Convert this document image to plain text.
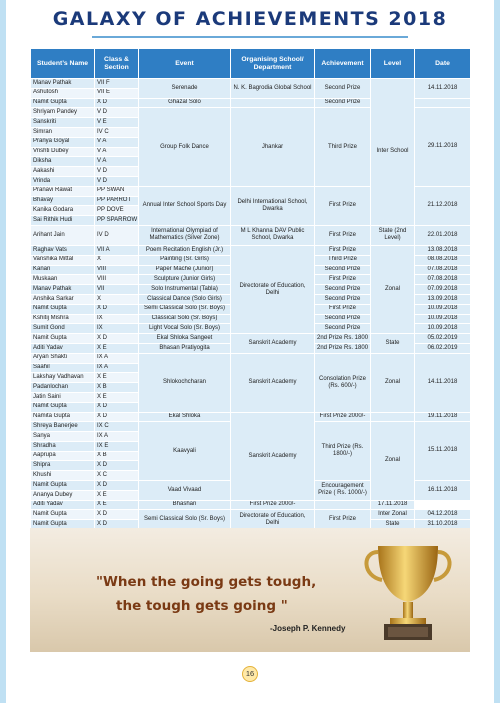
GALAXY OF ACHIEVEMENTS 2018
Student’s Name	Class & Section	Event	Organising School/ Department	Achievement	Level	Date
Manav Pathak	VII F	Serenade	N. K. Bagrodia Global School	Second Prize	Inter School	14.11.2018
Ashutosh	VII E					
Namit Gupta	X D	Ghazal Solo		Second Prize		
Shriyam Pandey	V D	Group Folk Dance	Jhankar	Third Prize		29.11.2018
Sanskriti	V E					
Simran	IV C					
Pranya Goyal	V A					
Vrishti Dubey	V A					
Diksha	V A					
Aakashi	V D					
Vrinda	V D					
Pranavi Rawat	PP SWAN	Annual Inter School Sports Day	Delhi International School, Dwarka	First Prize		21.12.2018
Bhavay	PP PARROT					
Kanika Godara	PP DOVE					
Sai Rithik Hudi	PP SPARROW					
Arihant Jain	IV D	International Olympiad of Mathematics (Silver Zone)	M L Khanna DAV Public School, Dwarka	First Prize	State (2nd Level)	22.01.2018
Raghav Vats	VII A	Poem Recitation English (Jr.)	Directorate of Education, Delhi	First Prize	Zonal	13.08.2018
Vanshika Mittal	X	Painting (Sr. Girls)		Third Prize		08.08.2018
Kanan	VIII	Paper Mache (Junior)		Second Prize		07.08.2018
Muskaan	VIII	Sculpture (Junior Girls)		First Prize		07.08.2018
Manav Pathak	VII	Solo Instrumental (Tabla)		Second Prize		07.09.2018
Anshika Sarkar	X	Classical Dance (Solo Girls)		Second Prize		13.09.2018
Namit Gupta	X D	Semi Classical Solo (Sr. Boys)		First Prize		10.09.2018
Kshitij Mishra	IX	Classical Solo (Sr. Boys)		Second Prize		10.09.2018
Sumit Gond	IX	Light Vocal Solo (Sr. Boys)		Second Prize		10.09.2018
Namit Gupta	X D	Ekal Shloka Sangeet	Sanskrit Academy	2nd Prize Rs. 1800	State	05.02.2019
Aditi Yadav	X E	Bhasan Pratiyogita		2nd Prize Rs. 1800		06.02.2019
Aryan Shakti	IX A	Shlokochcharan	Sanskrit Academy	Consolation Prize (Rs. 600/-)	Zonal	14.11.2018
Saahil	IX A					
Lakshay Vadhavan	X E					
Padanlochan	X B					
Jatin Saini	X E					
Namit Gupta	X D					
Namita Gupta	X D	Ekal Shloka	Sanskrit Academy	First Prize 2000/-		19.11.2018
Shreya Banerjee	IX C	Kaavyali		Third Prize (Rs. 1800/-)	Zonal	15.11.2018
Sanya	IX A					
Shradha	IX E					
Aaprupa	X B					
Shipra	X D					
Khushi	X C					
Namit Gupta	X D	Vaad Vivaad		Encouragement Prize ( Rs. 1000/-)		16.11.2018
Ananya Dubey	X E					
Aditi Yadav	X E	Bhashan	First Prize 2000/-		17.11.2018	
Namit Gupta	X D	Semi Classical Solo (Sr. Boys)	Directorate of Education, Delhi	First Prize	Inter Zonal	04.12.2018
Namit Gupta	X D				State	31.10.2018
"When the going gets tough,
the tough gets going "
-Joseph P. Kennedy
16
